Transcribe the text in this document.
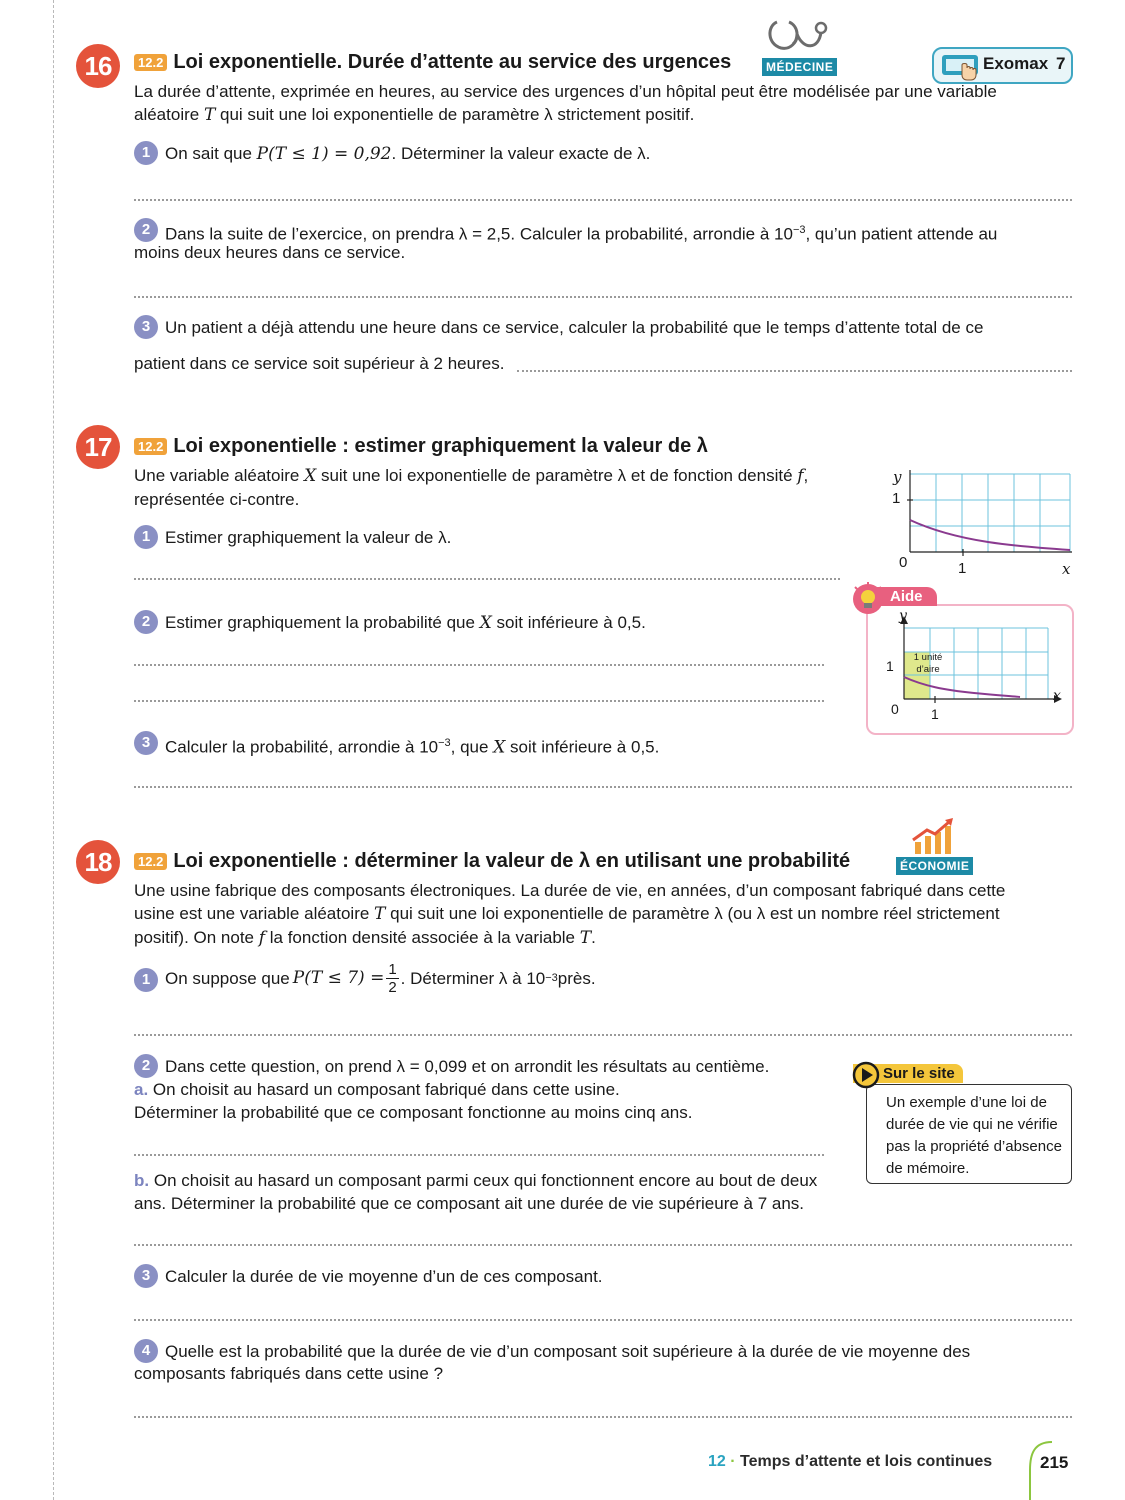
16	12.2 Loi exponentielle. Durée d’attente au service des urgences	MÉDECINE	Exomax 7
La durée d’attente, exprimée en heures, au service des urgences d’un hôpital peut être modélisée par une variable
aléatoire T qui suit une loi exponentielle de paramètre λ strictement positif.
1 On sait que P(T ≤ 1) = 0,92. Déterminer la valeur exacte de λ.
2 Dans la suite de l’exercice, on prendra λ = 2,5. Calculer la probabilité, arrondie à $10^{-3}$, qu’un patient attende au
moins deux heures dans ce service.
3 Un patient a déjà attendu une heure dans ce service, calculer la probabilité que le temps d’attente total de ce
patient dans ce service soit supérieur à 2 heures.
17	12.2 Loi exponentielle : estimer graphiquement la valeur de λ
Une variable aléatoire X suit une loi exponentielle de paramètre λ et de fonction densité f,
représentée ci-contre.
y
1
0	1	x
1 Estimer graphiquement la valeur de λ.
2 Estimer graphiquement la probabilité que X soit inférieure à 0,5.
Aide
y
1
0 1
x
1 unité
d’aire
3 Calculer la probabilité, arrondie à $10^{-3}$, que X soit inférieure à 0,5.
18	12.2 Loi exponentielle : déterminer la valeur de λ en utilisant une probabilité	ÉCONOMIE
Une usine fabrique des composants électroniques. La durée de vie, en années, d’un composant fabriqué dans cette
usine est une variable aléatoire T qui suit une loi exponentielle de paramètre λ (ou λ est un nombre réel strictement
positif). On note f la fonction densité associée à la variable T.
1 On suppose que $P(T \le 7) = \frac{1}{2}$ . Déterminer λ à 10 −3 près.
2 Dans cette question, on prend λ = 0,099 et on arrondit les résultats au centième.
a. On choisit au hasard un composant fabriqué dans cette usine.
Déterminer la probabilité que ce composant fonctionne au moins cinq ans.
b. On choisit au hasard un composant parmi ceux qui fonctionnent encore au bout de deux
ans. Déterminer la probabilité que ce composant ait une durée de vie supérieure à 7 ans.
Sur le site
Un exemple d’une loi de
durée de vie qui ne vérifie
pas la propriété d’absence
de mémoire.
3 Calculer la durée de vie moyenne d’un de ces composant.
4 Quelle est la probabilité que la durée de vie d’un composant soit supérieure à la durée de vie moyenne des
composants fabriqués dans cette usine ?
12 · Temps d’attente et lois continues	215
